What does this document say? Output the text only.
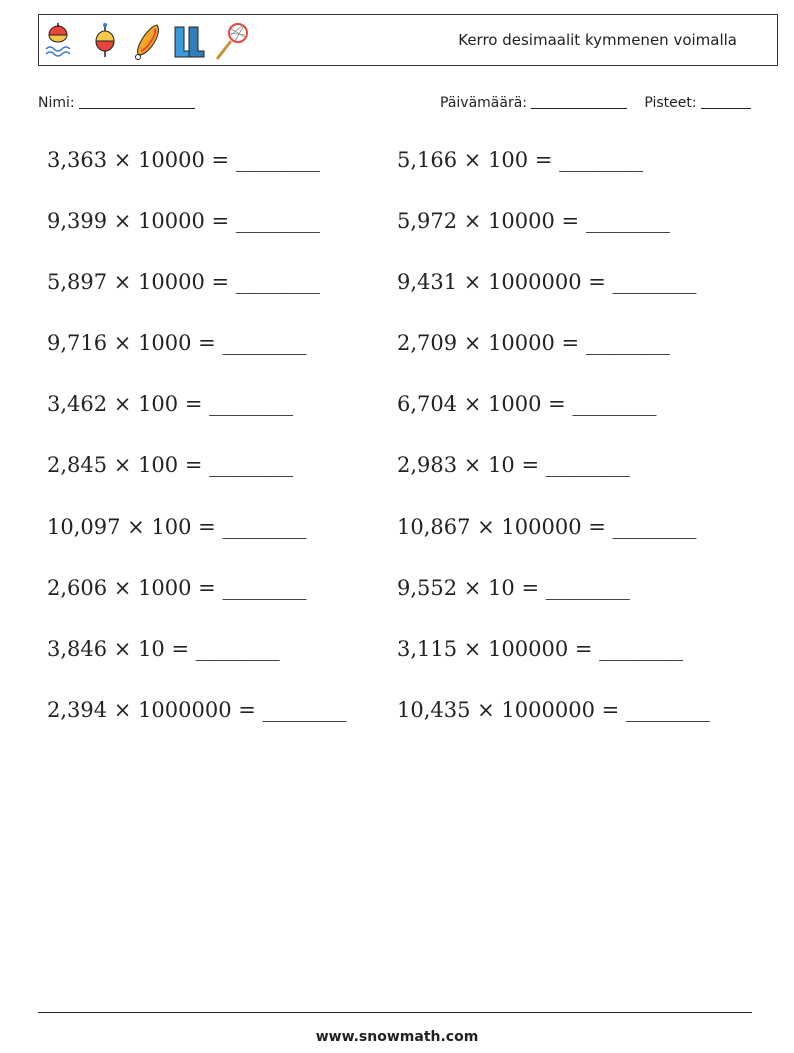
Kerro desimaalit kymmenen voimalla
Nimi:	Päivämäärä:	Pisteet:
3,363 × 10000 = ________	5,166 × 100 = ________
9,399 × 10000 = ________	5,972 × 10000 = ________
5,897 × 10000 = ________	9,431 × 1000000 = ________
9,716 × 1000 = ________	2,709 × 10000 = ________
3,462 × 100 = ________	6,704 × 1000 = ________
2,845 × 100 = ________	2,983 × 10 = ________
10,097 × 100 = ________	10,867 × 100000 = ________
2,606 × 1000 = ________	9,552 × 10 = ________
3,846 × 10 = ________	3,115 × 100000 = ________
2,394 × 1000000 = ________ 10,435 × 1000000 = ________
www.snowmath.com
